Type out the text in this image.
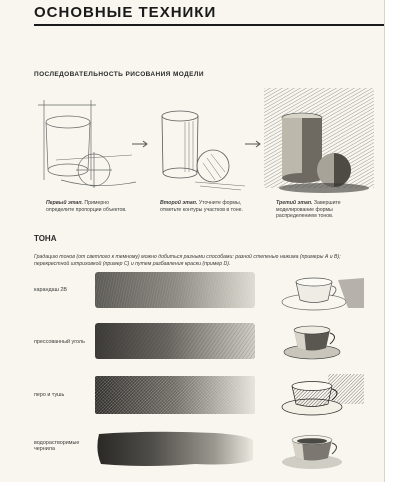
ОСНОВНЫЕ ТЕХНИКИ
ПОСЛЕДОВАТЕЛЬНОСТЬ РИСОВАНИЯ МОДЕЛИ
Первый этап. Примерно
определите пропорции объектов.
Второй этап. Уточните формы,
отметьте контуры участков в тоне.
Третий этап. Завершите
моделирование формы
распределением тонов.
ТОНА
Градацию тонов (от светлого к темному) можно добиться разными способами: разной степенью нажима (примеры А и В); перекрестной штриховкой (пример С) и путем разбавления краски (пример D).
карандаш 2В
прессованный уголь
перо и тушь
водорастворимые
чернила
